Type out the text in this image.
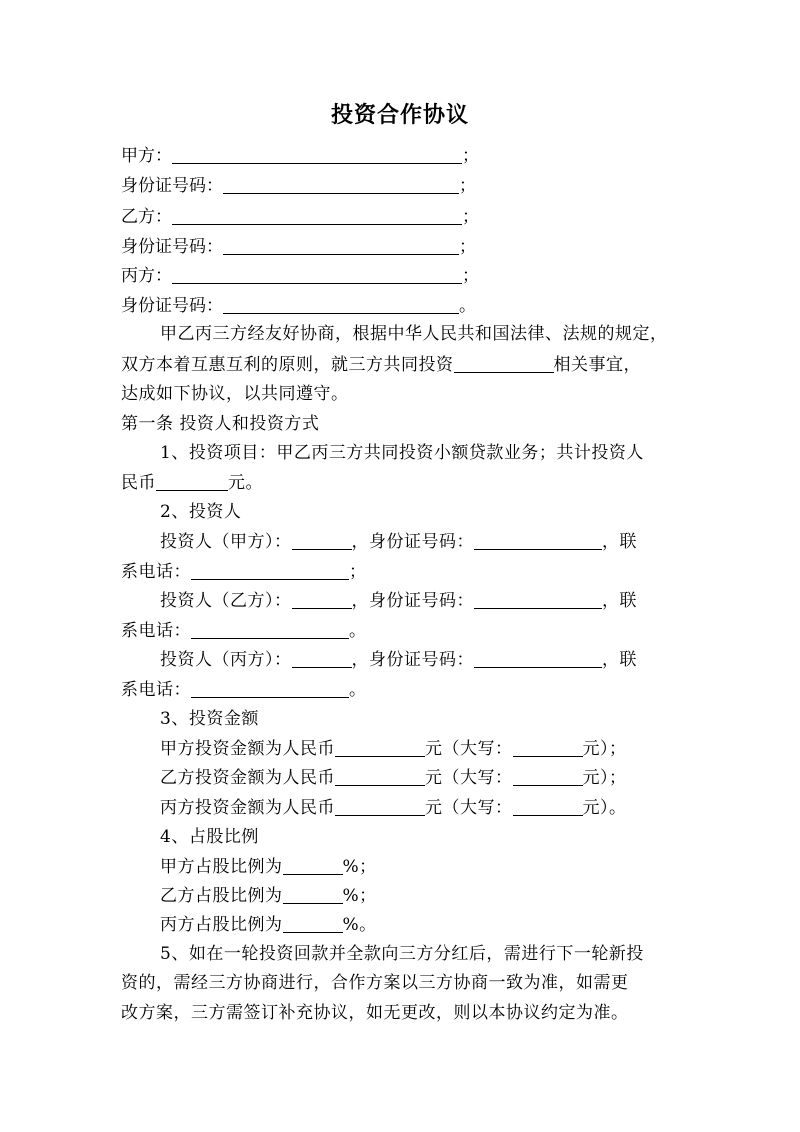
投资合作协议
甲方：	；
身份证号码：	；
乙方：	；
身份证号码：	；
丙方：	；
身份证号码：	。
甲乙丙三方经友好协商，根据中华人民共和国法律、法规的规定，
双方本着互惠互利的原则，就三方共同投资	相关事宜，
达成如下协议，以共同遵守。
第一条 投资人和投资方式
1、投资项目：甲乙丙三方共同投资小额贷款业务；共计投资人
民币	元。
2、投资人
投资人（甲方）：	，身份证号码：	，联
系电话：	；
投资人（乙方）：	，身份证号码：	，联
系电话：	。
投资人（丙方）：	，身份证号码：	，联
系电话：	。
3、投资金额
甲方投资金额为人民币	元（大写：	元）；
乙方投资金额为人民币	元（大写：	元）；
丙方投资金额为人民币	元（大写：	元）。
4、占股比例
甲方占股比例为	%；
乙方占股比例为	%；
丙方占股比例为	%。
5、如在一轮投资回款并全款向三方分红后，需进行下一轮新投
资的，需经三方协商进行，合作方案以三方协商一致为准，如需更
改方案，三方需签订补充协议，如无更改，则以本协议约定为准。
